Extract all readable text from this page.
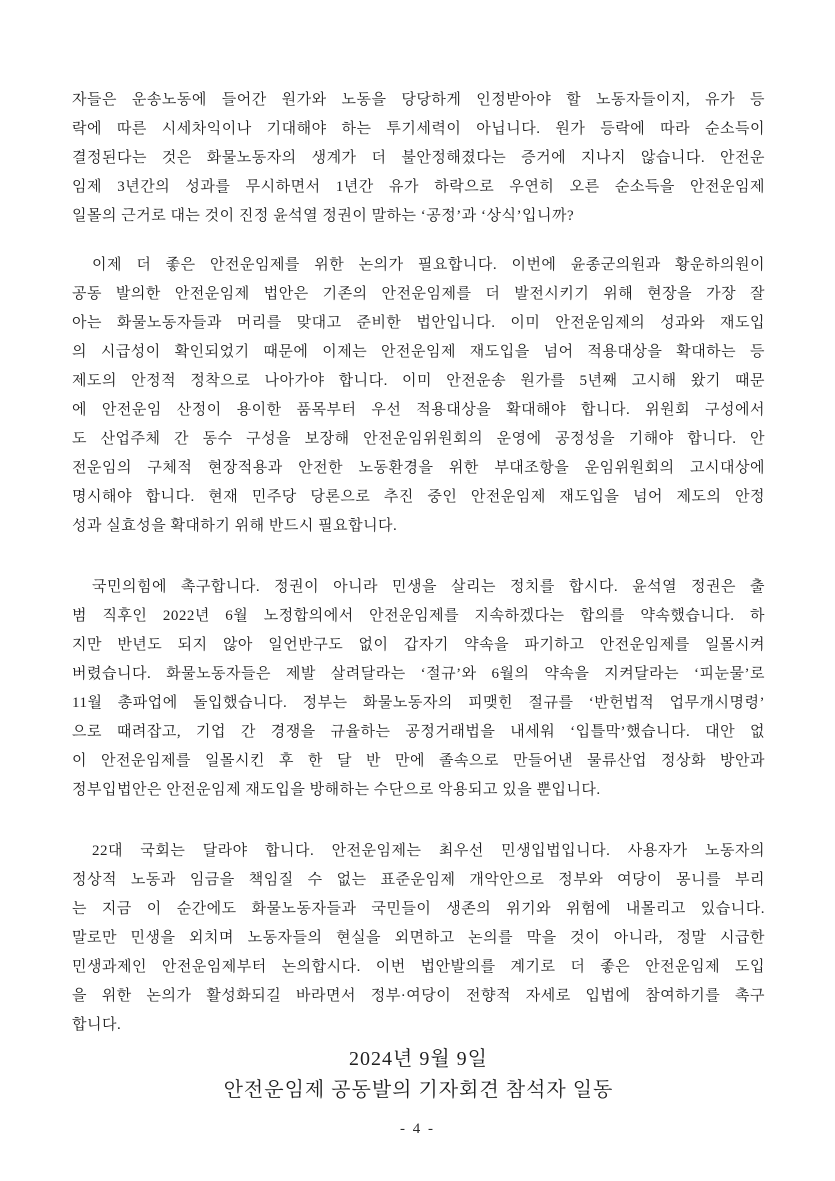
자들은 운송노동에 들어간 원가와 노동을 당당하게 인정받아야 할 노동자들이지, 유가 등
락에 따른 시세차익이나 기대해야 하는 투기세력이 아닙니다. 원가 등락에 따라 순소득이
결정된다는 것은 화물노동자의 생계가 더 불안정해졌다는 증거에 지나지 않습니다. 안전운
임제 3년간의 성과를 무시하면서 1년간 유가 하락으로 우연히 오른 순소득을 안전운임제
일몰의 근거로 대는 것이 진정 윤석열 정권이 말하는 ‘공정’과 ‘상식’입니까?
이제 더 좋은 안전운임제를 위한 논의가 필요합니다. 이번에 윤종군의원과 황운하의원이
공동 발의한 안전운임제 법안은 기존의 안전운임제를 더 발전시키기 위해 현장을 가장 잘
아는 화물노동자들과 머리를 맞대고 준비한 법안입니다. 이미 안전운임제의 성과와 재도입
의 시급성이 확인되었기 때문에 이제는 안전운임제 재도입을 넘어 적용대상을 확대하는 등
제도의 안정적 정착으로 나아가야 합니다. 이미 안전운송 원가를 5년째 고시해 왔기 때문
에 안전운임 산정이 용이한 품목부터 우선 적용대상을 확대해야 합니다. 위원회 구성에서
도 산업주체 간 동수 구성을 보장해 안전운임위원회의 운영에 공정성을 기해야 합니다. 안
전운임의 구체적 현장적용과 안전한 노동환경을 위한 부대조항을 운임위원회의 고시대상에
명시해야 합니다. 현재 민주당 당론으로 추진 중인 안전운임제 재도입을 넘어 제도의 안정
성과 실효성을 확대하기 위해 반드시 필요합니다.
국민의힘에 촉구합니다. 정권이 아니라 민생을 살리는 정치를 합시다. 윤석열 정권은 출
범 직후인 2022년 6월 노정합의에서 안전운임제를 지속하겠다는 합의를 약속했습니다. 하
지만 반년도 되지 않아 일언반구도 없이 갑자기 약속을 파기하고 안전운임제를 일몰시켜
버렸습니다. 화물노동자들은 제발 살려달라는 ‘절규’와 6월의 약속을 지켜달라는 ‘피눈물’로
11월 총파업에 돌입했습니다. 정부는 화물노동자의 피맺힌 절규를 ‘반헌법적 업무개시명령’
으로 때려잡고, 기업 간 경쟁을 규율하는 공정거래법을 내세워 ‘입틀막’했습니다. 대안 없
이 안전운임제를 일몰시킨 후 한 달 반 만에 졸속으로 만들어낸 물류산업 정상화 방안과
정부입법안은 안전운임제 재도입을 방해하는 수단으로 악용되고 있을 뿐입니다.
22대 국회는 달라야 합니다. 안전운임제는 최우선 민생입법입니다. 사용자가 노동자의
정상적 노동과 임금을 책임질 수 없는 표준운임제 개악안으로 정부와 여당이 몽니를 부리
는 지금 이 순간에도 화물노동자들과 국민들이 생존의 위기와 위험에 내몰리고 있습니다.
말로만 민생을 외치며 노동자들의 현실을 외면하고 논의를 막을 것이 아니라, 정말 시급한
민생과제인 안전운임제부터 논의합시다. 이번 법안발의를 계기로 더 좋은 안전운임제 도입
을 위한 논의가 활성화되길 바라면서 정부·여당이 전향적 자세로 입법에 참여하기를 촉구
합니다.
2024년 9월 9일
안전운임제 공동발의 기자회견 참석자 일동
- 4 -
